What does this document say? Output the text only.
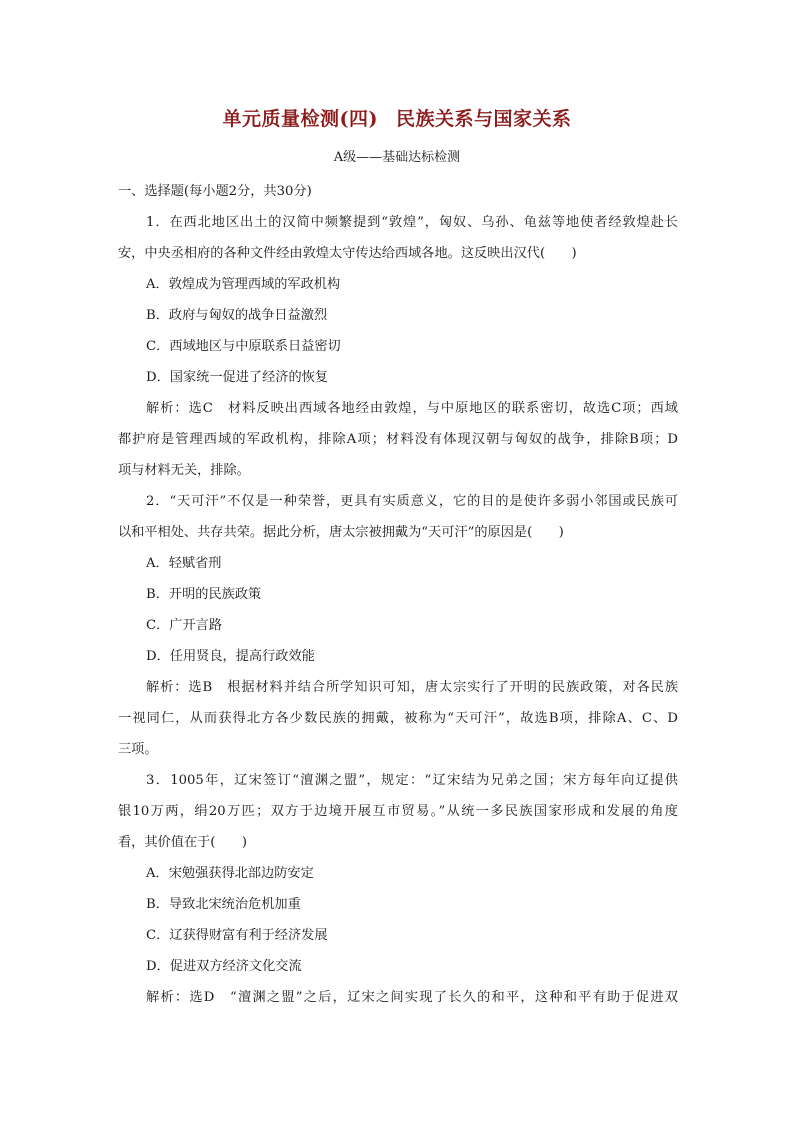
单元质量检测(四) 民族关系与国家关系
A级——基础达标检测
一、选择题(每小题2分，共30分)
1．在西北地区出土的汉简中频繁提到“敦煌”，匈奴、乌孙、龟兹等地使者经敦煌赴长
安，中央丞相府的各种文件经由敦煌太守传达给西域各地。这反映出汉代(　　)
A．敦煌成为管理西域的军政机构
B．政府与匈奴的战争日益激烈
C．西域地区与中原联系日益密切
D．国家统一促进了经济的恢复
解析：选C　材料反映出西域各地经由敦煌，与中原地区的联系密切，故选C项；西域
都护府是管理西域的军政机构，排除A项；材料没有体现汉朝与匈奴的战争，排除B项；D
项与材料无关，排除。
2．“天可汗”不仅是一种荣誉，更具有实质意义，它的目的是使许多弱小邻国或民族可
以和平相处、共存共荣。据此分析，唐太宗被拥戴为“天可汗”的原因是(　　)
A．轻赋省刑
B．开明的民族政策
C．广开言路
D．任用贤良，提高行政效能
解析：选B　根据材料并结合所学知识可知，唐太宗实行了开明的民族政策，对各民族
一视同仁，从而获得北方各少数民族的拥戴，被称为“天可汗”，故选B项，排除A、C、D
三项。
3．1005年，辽宋签订“澶渊之盟”，规定：“辽宋结为兄弟之国；宋方每年向辽提供
银10万两，绢20万匹；双方于边境开展互市贸易。”从统一多民族国家形成和发展的角度
看，其价值在于(　　)
A．宋勉强获得北部边防安定
B．导致北宋统治危机加重
C．辽获得财富有利于经济发展
D．促进双方经济文化交流
解析：选D　“澶渊之盟”之后，辽宋之间实现了长久的和平，这种和平有助于促进双
